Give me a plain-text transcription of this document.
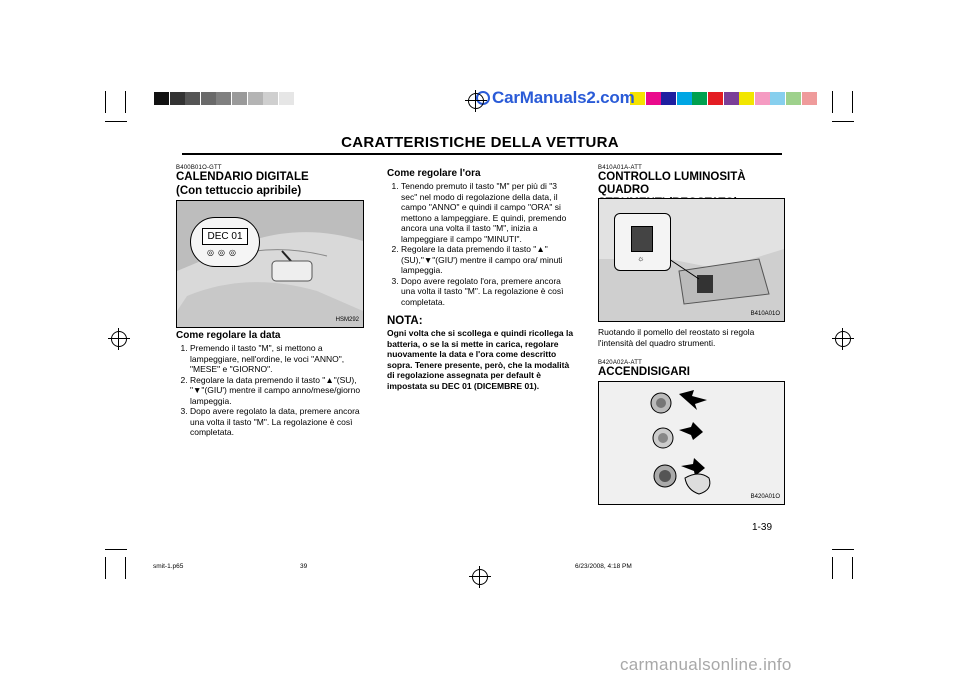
CarManuals2.com
CARATTERISTICHE DELLA VETTURA
B400B01O-GTT
CALENDARIO DIGITALE
(Con tettuccio apribile)
DEC 01
◎◎◎
HSM292
Come regolare la data
1. Premendo il tasto "M", si mettono a lampeggiare, nell'ordine, le voci "ANNO", "MESE" e "GIORNO".
2. Regolare la data premendo il tasto "▲"(SU), "▼"(GIU') mentre il campo anno/mese/giorno lampeggia.
3. Dopo avere regolato la data, premere ancora una volta il tasto "M". La regolazione è così completata.
Come regolare l'ora
1. Tenendo premuto il tasto "M" per più di "3 sec" nel modo di regolazione della data, il campo "ANNO" e quindi il campo "ORA" si mettono a lampeggiare. E quindi, premendo ancora una volta il tasto "M", inizia a lampeggiare il campo "MINUTI".
2. Regolare la data premendo il tasto "▲"(SU),"▼"(GIU') mentre il campo ora/ minuti lampeggia.
3. Dopo avere regolato l'ora, premere ancora una volta il tasto "M". La regolazione è così completata.
NOTA:
Ogni volta che si scollega e quindi ricollega la batteria, o se la si mette in carica, regolare nuovamente la data e l'ora come descritto sopra. Tenere presente, però, che la modalità di regolazione assegnata per default è impostata su DEC 01 (DICEMBRE 01).
B410A01A-ATT
CONTROLLO LUMINOSITÀ QUADRO
☼
B410A01O
Ruotando il pomello del reostato si regola l'intensità del quadro strumenti.
B420A02A-ATT
ACCENDISIGARI
B420A01O
1-39
smit-1.p65	39	6/23/2008, 4:18 PM
carmanualsonline.info
